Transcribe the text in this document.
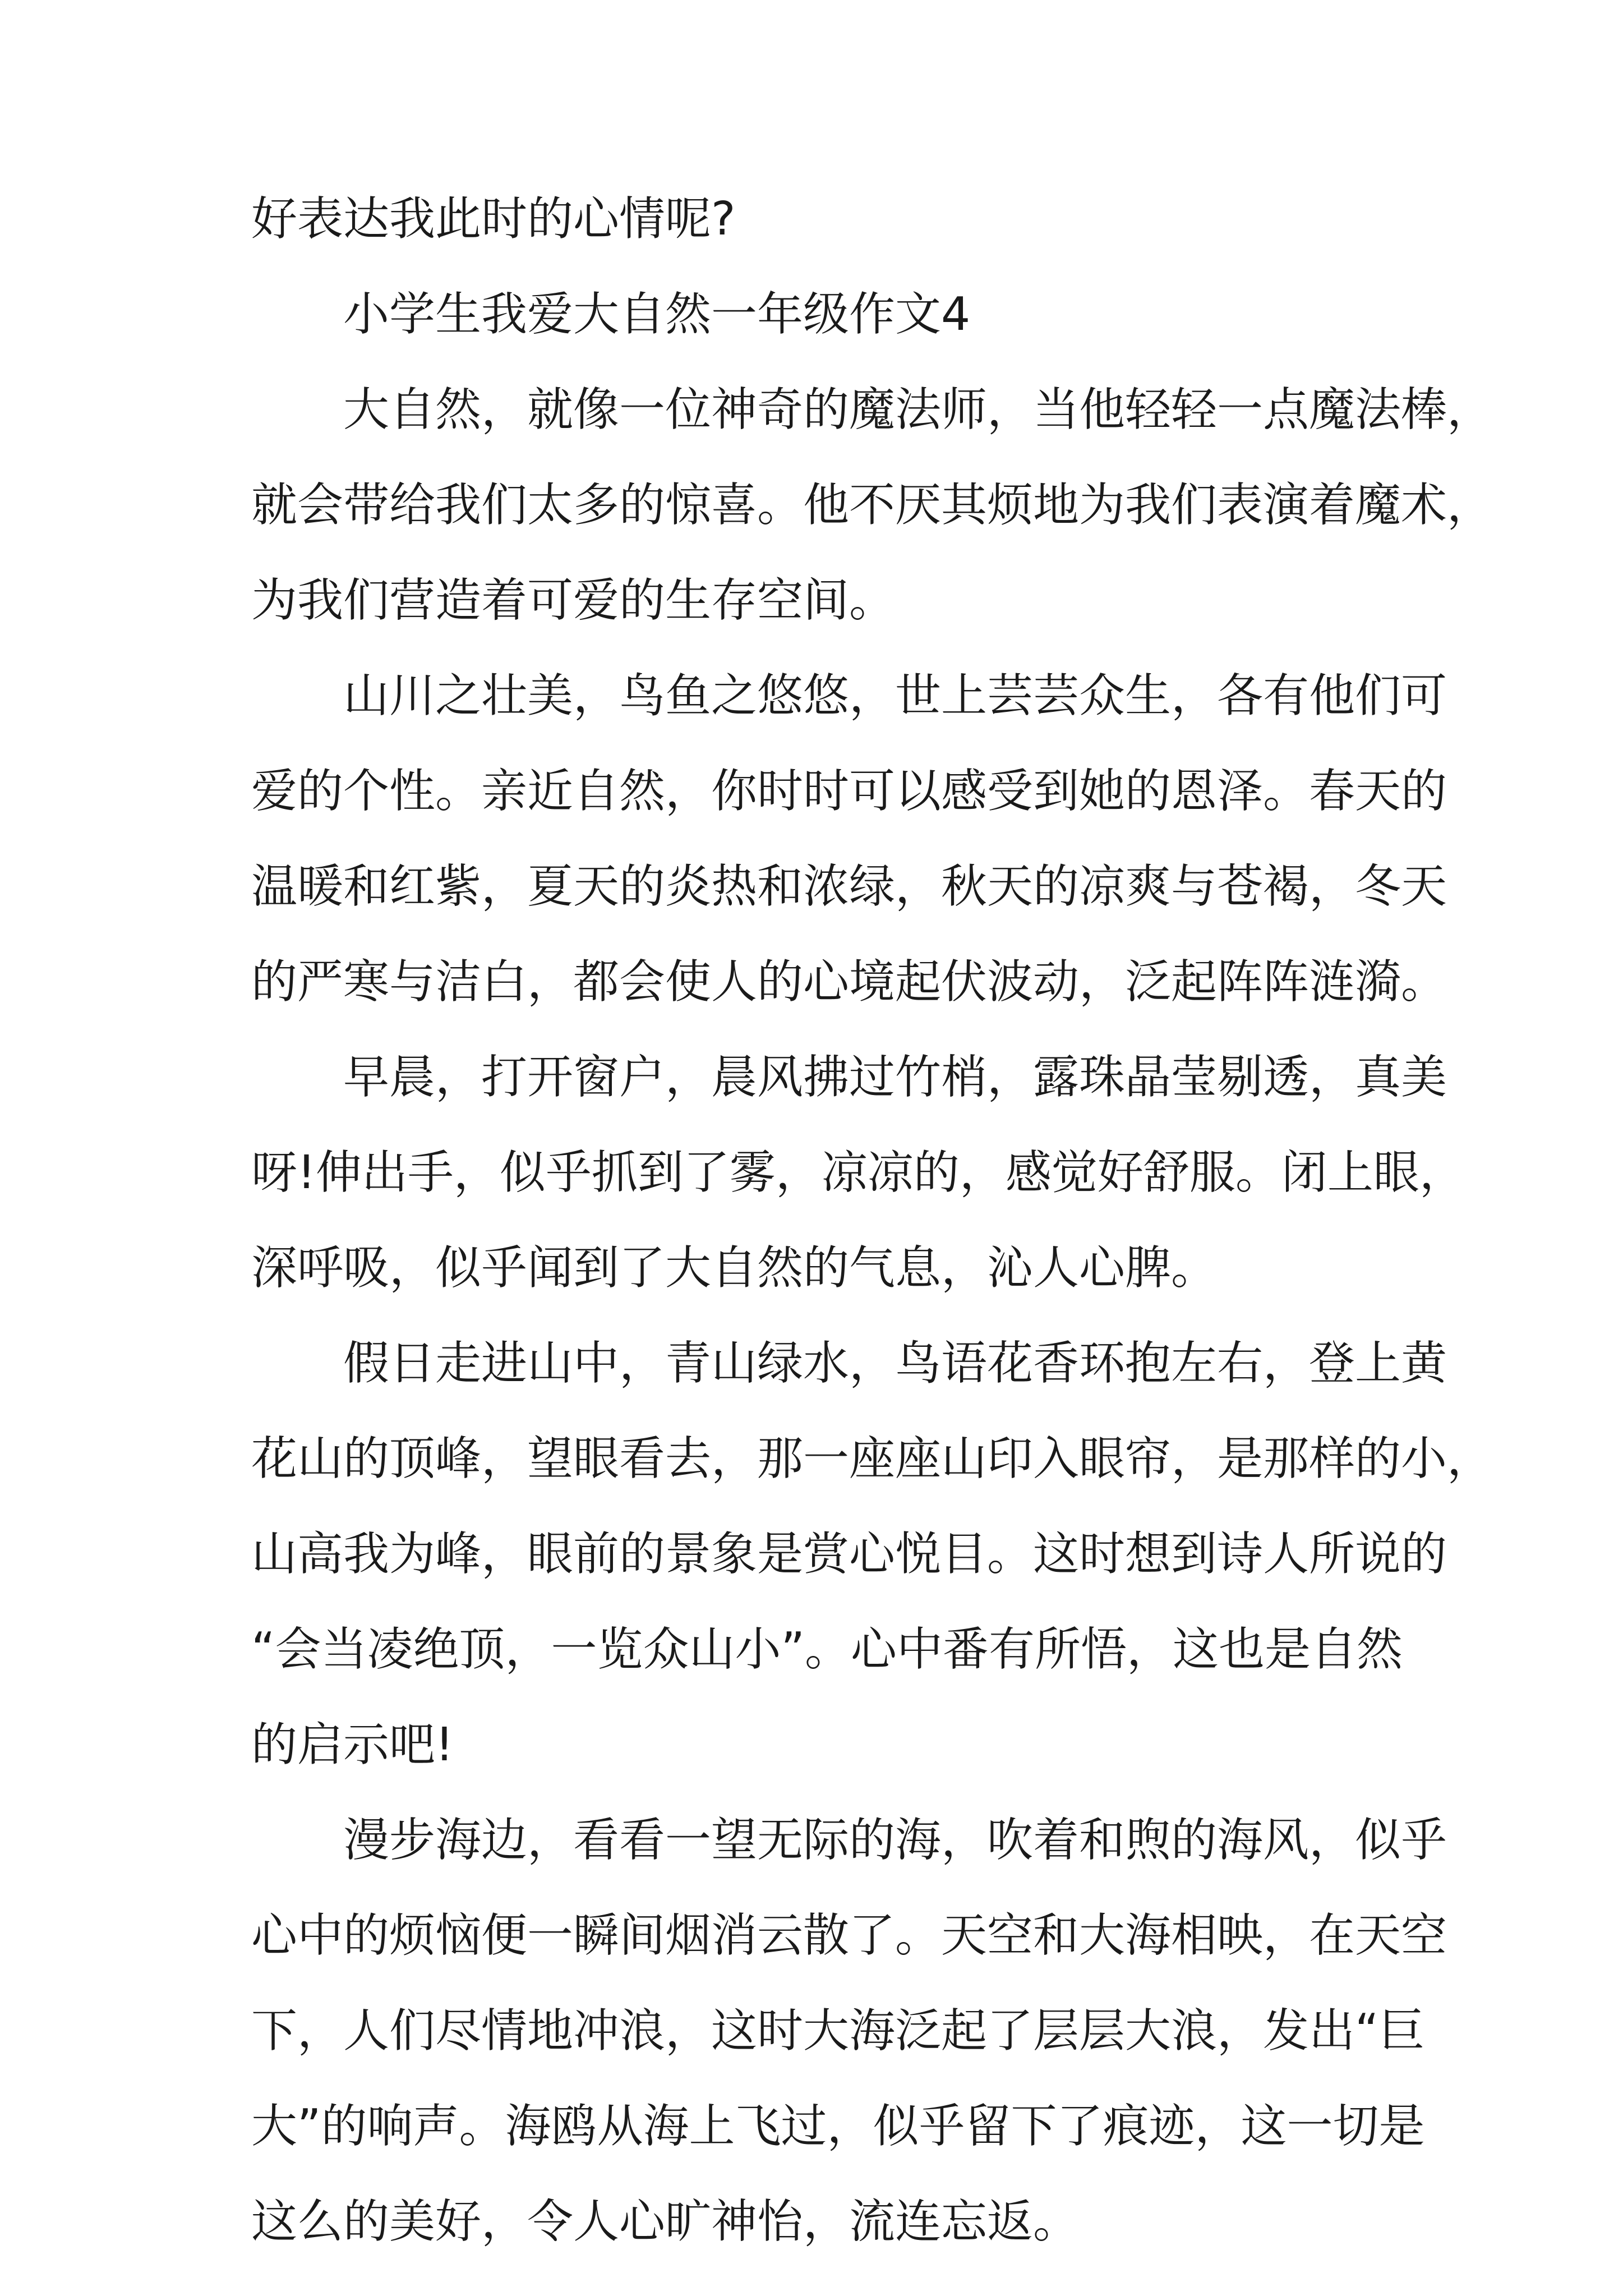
好表达我此时的心情呢?
小学生我爱大自然一年级作文4
大自然，就像一位神奇的魔法师，当他轻轻一点魔法棒，
就会带给我们太多的惊喜。他不厌其烦地为我们表演着魔术，
为我们营造着可爱的生存空间。
山川之壮美，鸟鱼之悠悠，世上芸芸众生，各有他们可
爱的个性。亲近自然，你时时可以感受到她的恩泽。春天的
温暖和红紫，夏天的炎热和浓绿，秋天的凉爽与苍褐，冬天
的严寒与洁白，都会使人的心境起伏波动，泛起阵阵涟漪。
早晨，打开窗户，晨风拂过竹梢，露珠晶莹剔透，真美
呀!伸出手，似乎抓到了雾，凉凉的，感觉好舒服。闭上眼，
深呼吸，似乎闻到了大自然的气息，沁人心脾。
假日走进山中，青山绿水，鸟语花香环抱左右，登上黄
花山的顶峰，望眼看去，那一座座山印入眼帘，是那样的小，
山高我为峰，眼前的景象是赏心悦目。这时想到诗人所说的
“会当凌绝顶，一览众山小”。心中番有所悟，这也是自然
的启示吧!
漫步海边，看看一望无际的海，吹着和煦的海风，似乎
心中的烦恼便一瞬间烟消云散了。天空和大海相映，在天空
下，人们尽情地冲浪，这时大海泛起了层层大浪，发出“巨
大”的响声。海鸥从海上飞过，似乎留下了痕迹，这一切是
这么的美好，令人心旷神怡，流连忘返。
